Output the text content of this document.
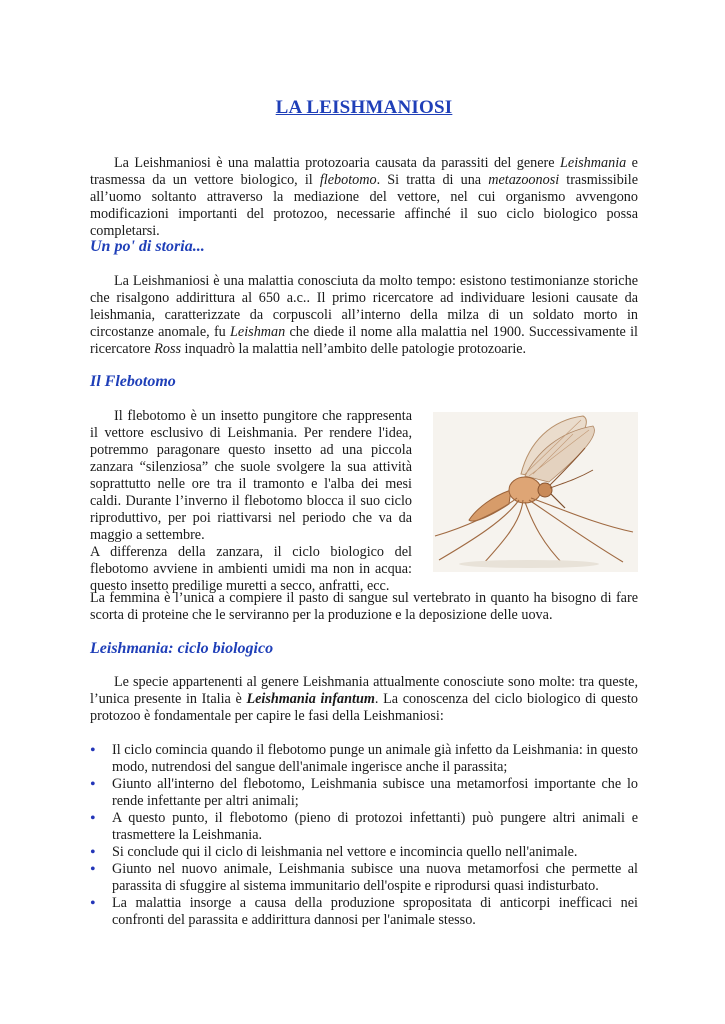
LA LEISHMANIOSI

La Leishmaniosi è una malattia protozoaria causata da parassiti del genere Leishmania e trasmessa da un vettore biologico, il flebotomo. Si tratta di una metazoonosi trasmissibile all’uomo soltanto attraverso la mediazione del vettore, nel cui organismo avvengono modificazioni importanti del protozoo, necessarie affinché il suo ciclo biologico possa completarsi.

Un po' di storia...

La Leishmaniosi è una malattia conosciuta da molto tempo: esistono testimonianze storiche che risalgono addirittura al 650 a.c.. Il primo ricercatore ad individuare lesioni causate da leishmania, caratterizzate da corpuscoli all’interno della milza di un soldato morto in circostanze anomale, fu Leishman che diede il nome alla malattia nel 1900. Successivamente il ricercatore Ross inquadrò la malattia nell’ambito delle patologie protozoarie.

Il Flebotomo

Il flebotomo è un insetto pungitore che rappresenta il vettore esclusivo di Leishmania. Per rendere l'idea, potremmo paragonare questo insetto ad una piccola zanzara “silenziosa” che suole svolgere la sua attività soprattutto nelle ore tra il tramonto e l'alba dei mesi caldi. Durante l’inverno il flebotomo blocca il suo ciclo riproduttivo, per poi riattivarsi nel periodo che va da maggio a settembre.

A differenza della zanzara, il ciclo biologico del flebotomo avviene in ambienti umidi ma non in acqua: questo insetto predilige muretti a secco, anfratti, ecc.

La femmina è l’unica a compiere il pasto di sangue sul vertebrato in quanto ha bisogno di fare scorta di proteine che le serviranno per la produzione e la deposizione delle uova.

Leishmania: ciclo biologico

Le specie appartenenti al genere Leishmania attualmente conosciute sono molte: tra queste, l’unica presente in Italia è Leishmania infantum. La conoscenza del ciclo biologico di questo protozoo è fondamentale per capire le fasi della Leishmaniosi:

• Il ciclo comincia quando il flebotomo punge un animale già infetto da Leishmania: in questo modo, nutrendosi del sangue dell'animale ingerisce anche il parassita;
• Giunto all'interno del flebotomo, Leishmania subisce una metamorfosi importante che lo rende infettante per altri animali;
• A questo punto, il flebotomo (pieno di protozoi infettanti) può pungere altri animali e trasmettere la Leishmania.
• Si conclude qui il ciclo di leishmania nel vettore e incomincia quello nell'animale.
• Giunto nel nuovo animale, Leishmania subisce una nuova metamorfosi che permette al parassita di sfuggire al sistema immunitario dell'ospite e riprodursi quasi indisturbato.
• La malattia insorge a causa della produzione spropositata di anticorpi inefficaci nei confronti del parassita e addirittura dannosi per l'animale stesso.
